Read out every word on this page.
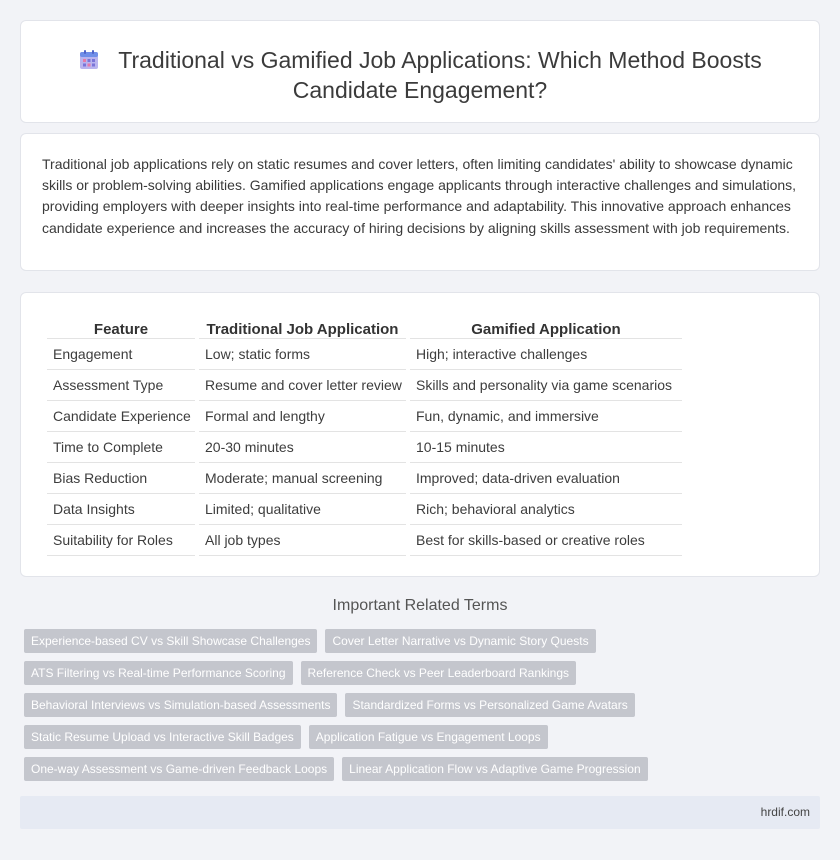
Traditional vs Gamified Job Applications: Which Method Boosts Candidate Engagement?

Traditional job applications rely on static resumes and cover letters, often limiting candidates' ability to showcase dynamic skills or problem-solving abilities. Gamified applications engage applicants through interactive challenges and simulations, providing employers with deeper insights into real-time performance and adaptability. This innovative approach enhances candidate experience and increases the accuracy of hiring decisions by aligning skills assessment with job requirements.

Feature	Traditional Job Application	Gamified Application
Engagement	Low; static forms	High; interactive challenges
Assessment Type	Resume and cover letter review	Skills and personality via game scenarios
Candidate Experience	Formal and lengthy	Fun, dynamic, and immersive
Time to Complete	20-30 minutes	10-15 minutes
Bias Reduction	Moderate; manual screening	Improved; data-driven evaluation
Data Insights	Limited; qualitative	Rich; behavioral analytics
Suitability for Roles	All job types	Best for skills-based or creative roles
Important Related Terms
Experience-based CV vs Skill Showcase Challenges	Cover Letter Narrative vs Dynamic Story Quests
ATS Filtering vs Real-time Performance Scoring	Reference Check vs Peer Leaderboard Rankings
Behavioral Interviews vs Simulation-based Assessments	Standardized Forms vs Personalized Game Avatars
Static Resume Upload vs Interactive Skill Badges	Application Fatigue vs Engagement Loops
One-way Assessment vs Game-driven Feedback Loops	Linear Application Flow vs Adaptive Game Progression
hrdif.com
